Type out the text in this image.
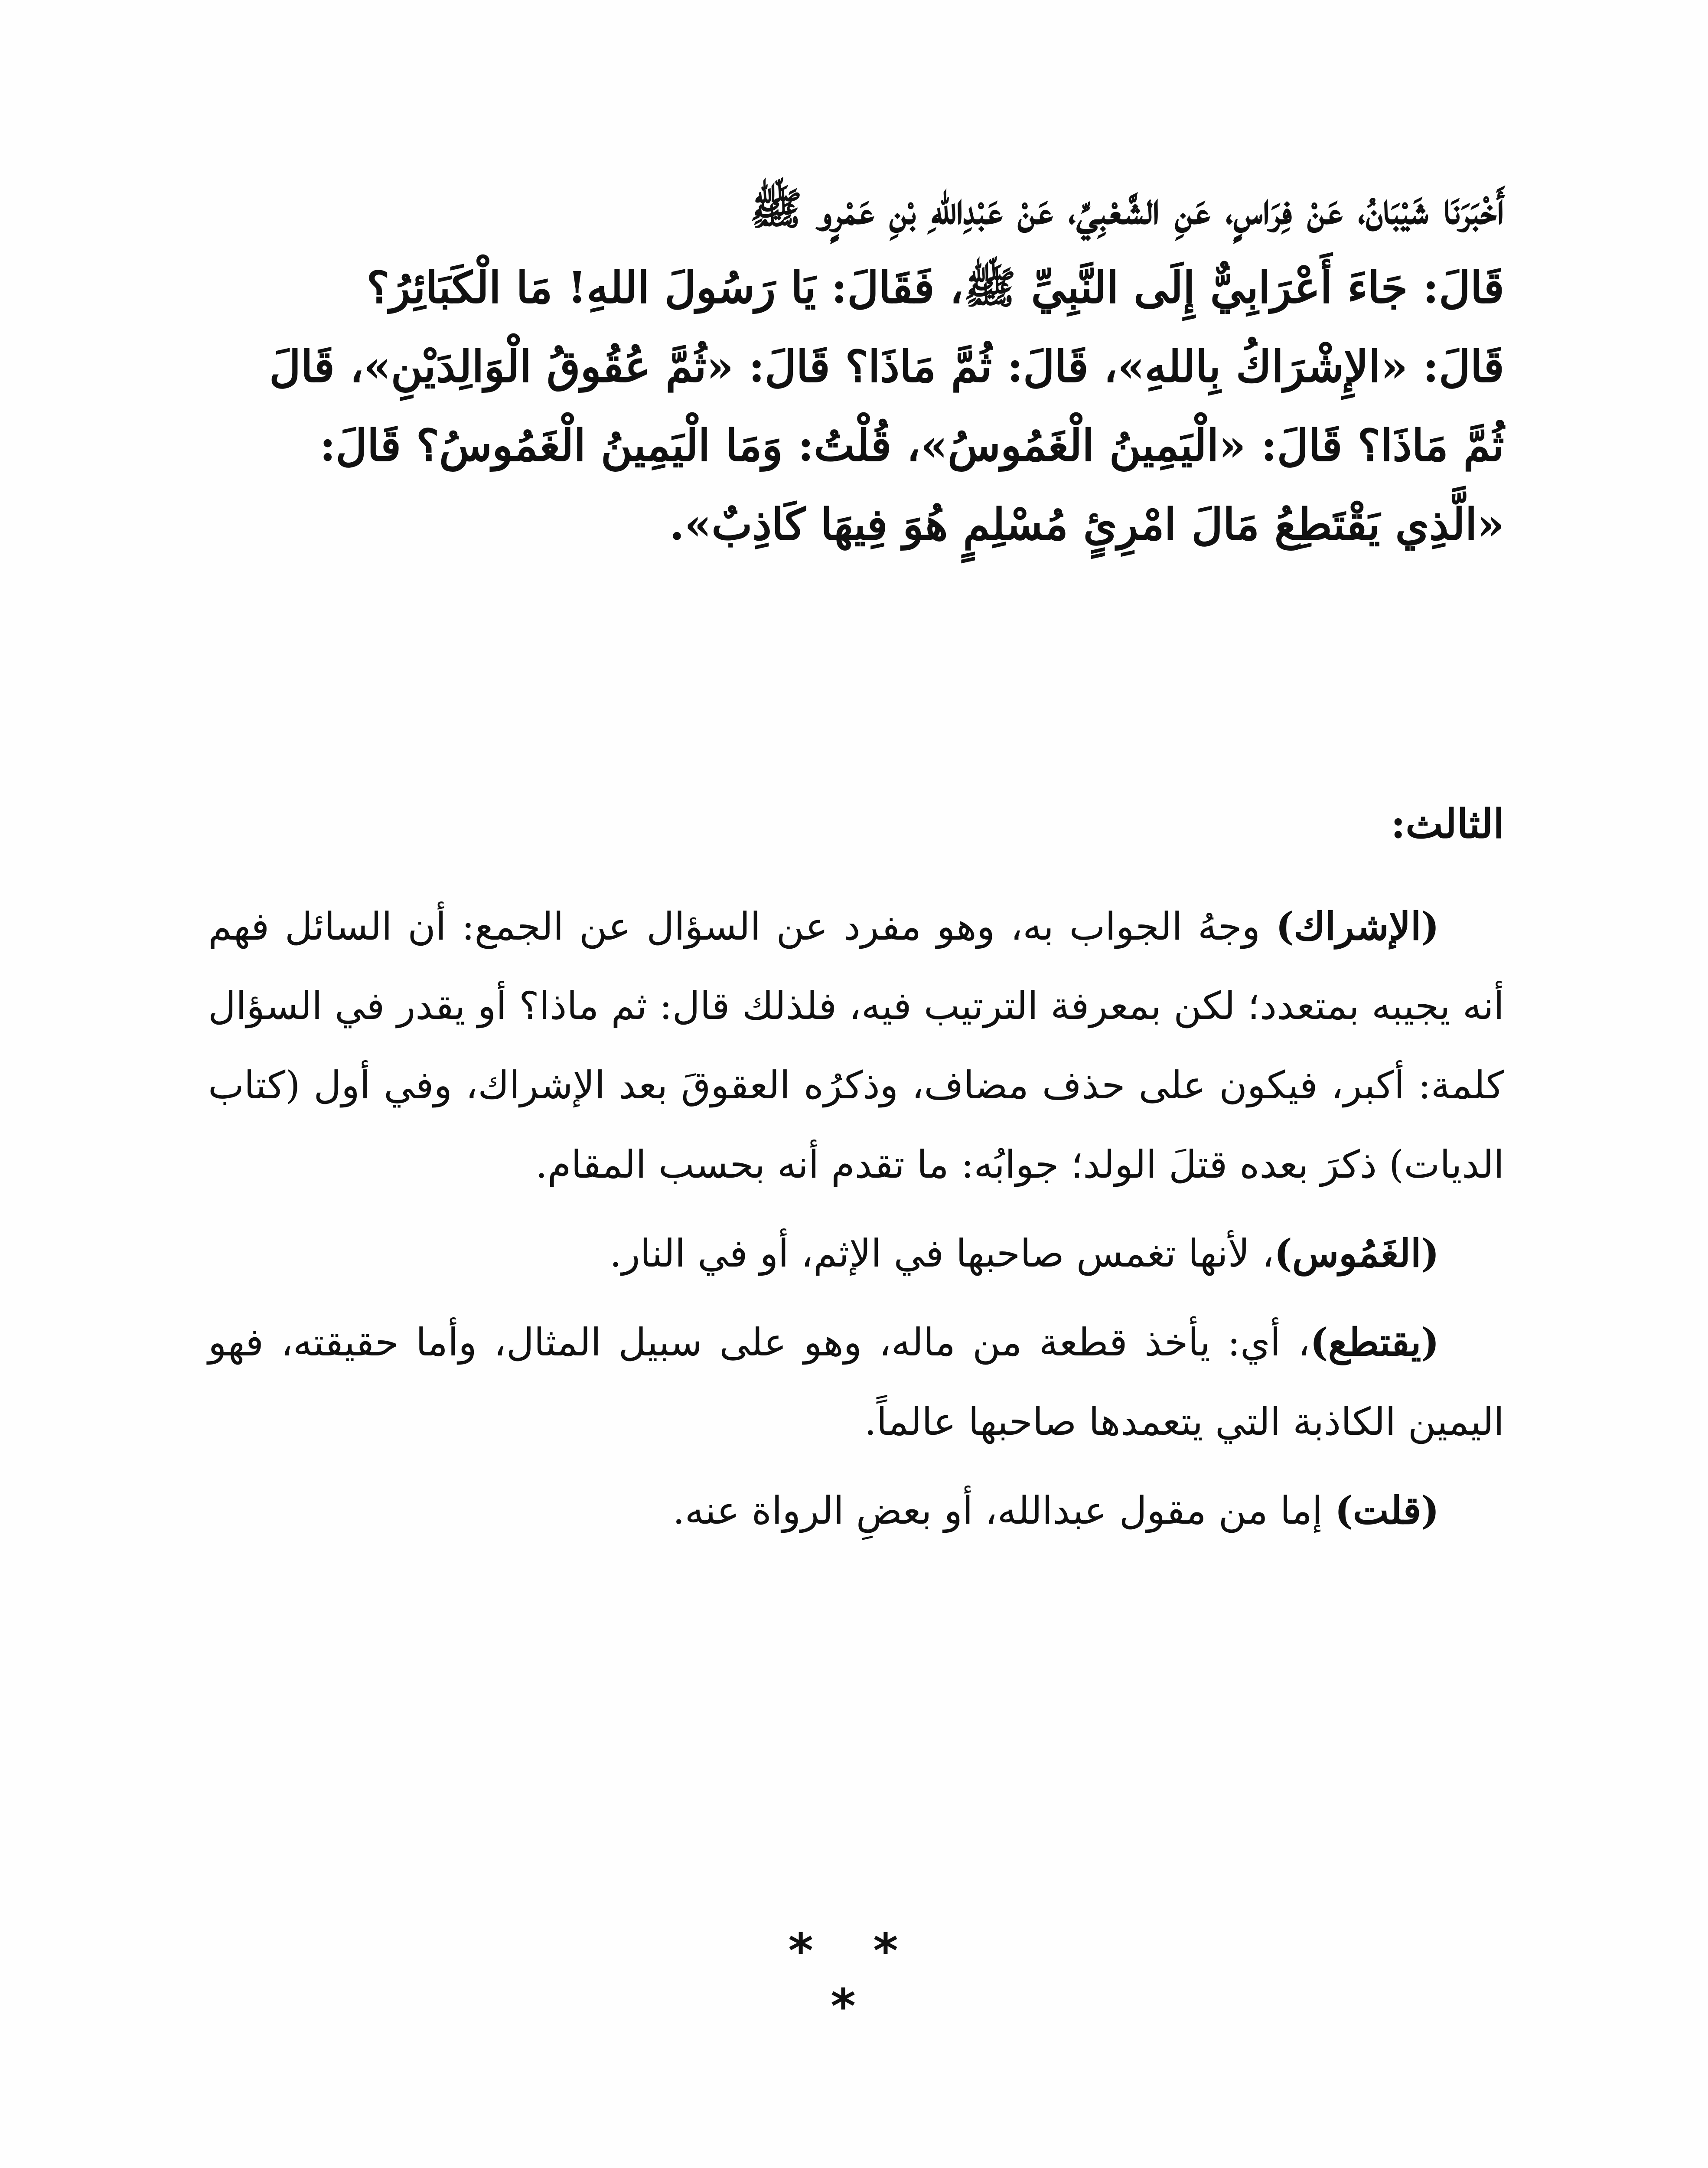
أَخْبَرَنَا شَيْبَانُ، عَنْ فِرَاسٍ، عَنِ الشَّعْبِيِّ، عَنْ عَبْدِاللهِ بْنِ عَمْرٍو ﷺ
قَالَ: جَاءَ أَعْرَابِيٌّ إِلَى النَّبِيِّ ﷺ، فَقَالَ: يَا رَسُولَ اللهِ! مَا الْكَبَائِرُ؟
قَالَ: «الإِشْرَاكُ بِاللهِ»، قَالَ: ثُمَّ مَاذَا؟ قَالَ: «ثُمَّ عُقُوقُ الْوَالِدَيْنِ»، قَالَ
ثُمَّ مَاذَا؟ قَالَ: «الْيَمِينُ الْغَمُوسُ»، قُلْتُ: وَمَا الْيَمِينُ الْغَمُوسُ؟ قَالَ:
«الَّذِي يَقْتَطِعُ مَالَ امْرِئٍ مُسْلِمٍ هُوَ فِيهَا كَاذِبٌ».
الثالث:

(الإشراك) وجهُ الجواب به، وهو مفرد عن السؤال عن الجمع: أن السائل فهم أنه يجيبه بمتعدد؛ لكن بمعرفة الترتيب فيه، فلذلك قال: ثم ماذا؟ أو يقدر في السؤال كلمة: أكبر، فيكون على حذف مضاف، وذكرُه العقوقَ بعد الإشراك، وفي أول (كتاب الديات) ذكرَ بعده قتلَ الولد؛ جوابُه: ما تقدم أنه بحسب المقام.

(الغَمُوس)، لأنها تغمس صاحبها في الإثم، أو في النار.

(يقتطع)، أي: يأخذ قطعة من ماله، وهو على سبيل المثال، وأما حقيقته، فهو اليمين الكاذبة التي يتعمدها صاحبها عالماً.

(قلت) إما من مقول عبدالله، أو بعضِ الرواة عنه.

* * *
